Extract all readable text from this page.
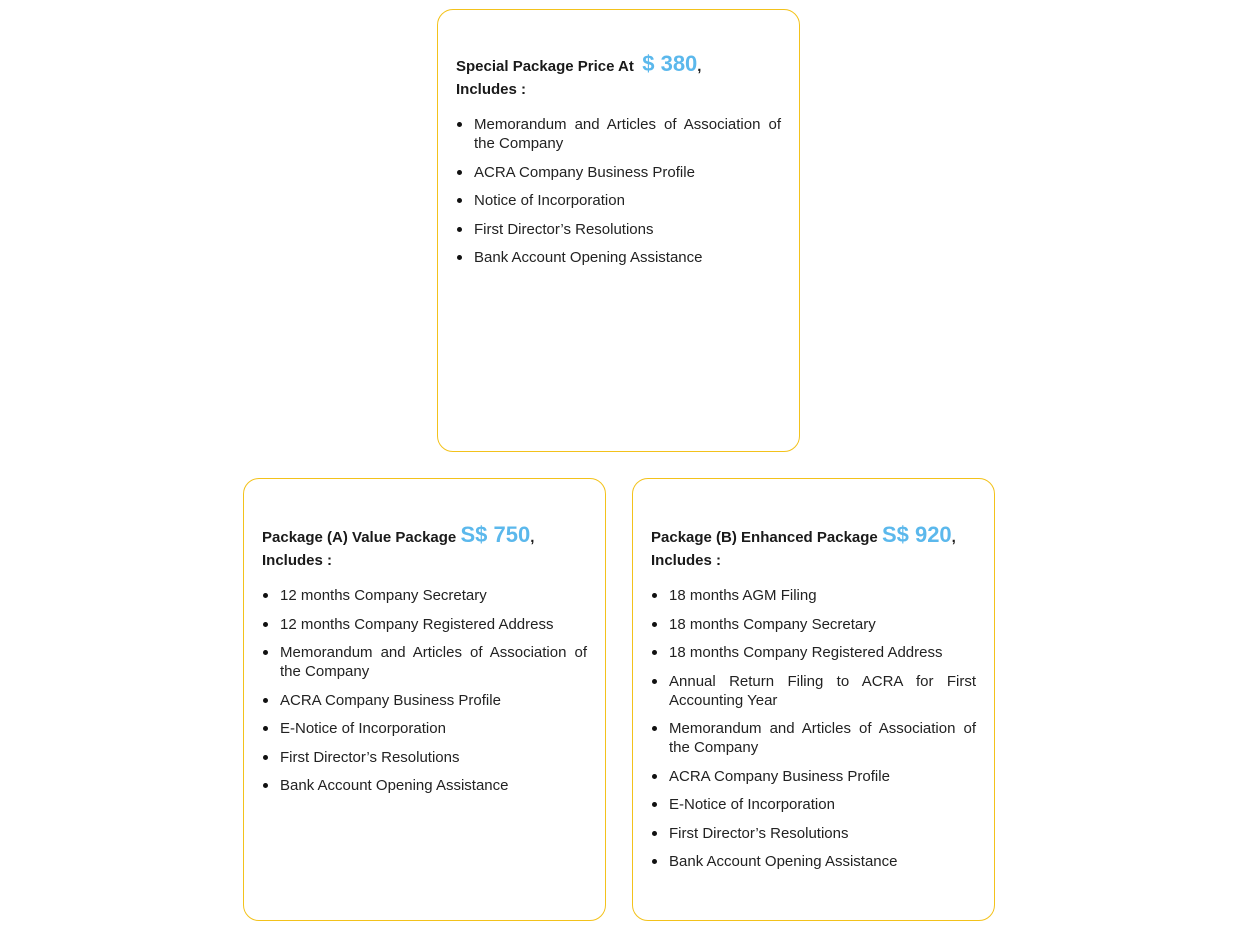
Special Package Price At $ 380,
Includes :

Memorandum and Articles of Association of the Company
ACRA Company Business Profile
Notice of Incorporation
First Director’s Resolutions
Bank Account Opening Assistance

Package (A) Value Package S$ 750,
Includes :

12 months Company Secretary
12 months Company Registered Address
Memorandum and Articles of Association of the Company
ACRA Company Business Profile
E-Notice of Incorporation
First Director’s Resolutions
Bank Account Opening Assistance

Package (B) Enhanced Package S$ 920,
Includes :

18 months AGM Filing
18 months Company Secretary
18 months Company Registered Address
Annual Return Filing to ACRA for First Accounting Year
Memorandum and Articles of Association of the Company
ACRA Company Business Profile
E-Notice of Incorporation
First Director’s Resolutions
Bank Account Opening Assistance
